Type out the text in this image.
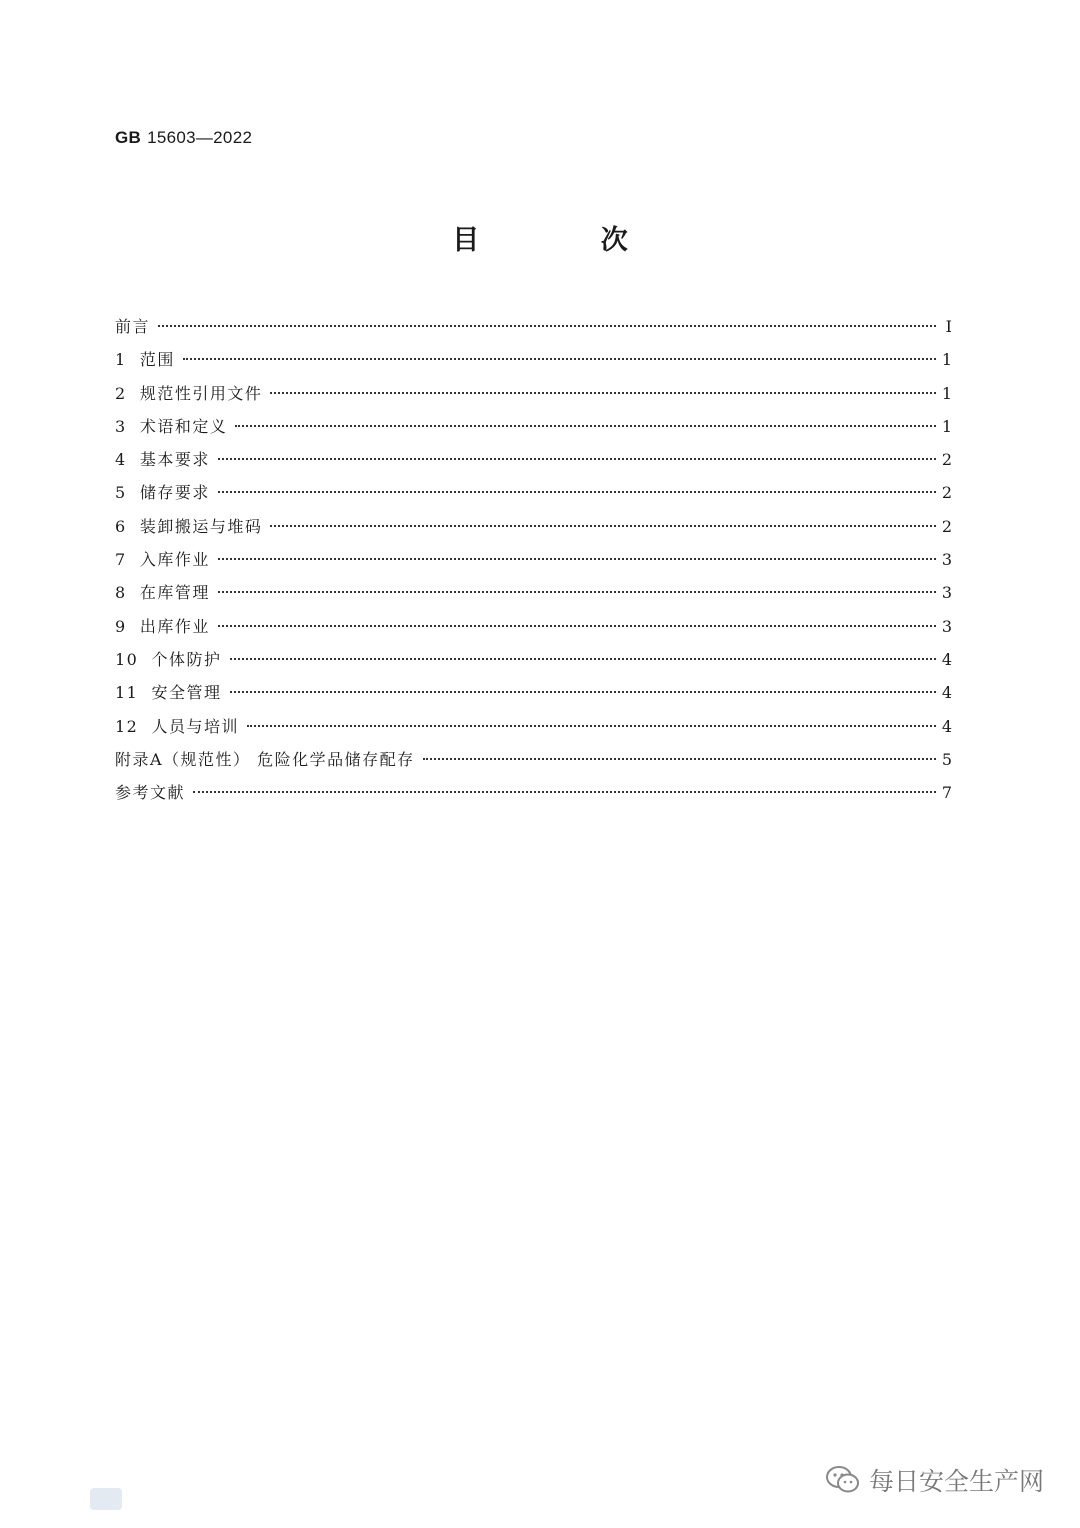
GB 15603—2022
目 次
前言	I
1  范围	1
2  规范性引用文件	1
3  术语和定义	1
4  基本要求	2
5  储存要求	2
6  装卸搬运与堆码	2
7  入库作业	3
8  在库管理	3
9  出库作业	3
10  个体防护	4
11  安全管理	4
12  人员与培训	4
附录A（规范性） 危险化学品储存配存	5
参考文献	7
每日安全生产网
